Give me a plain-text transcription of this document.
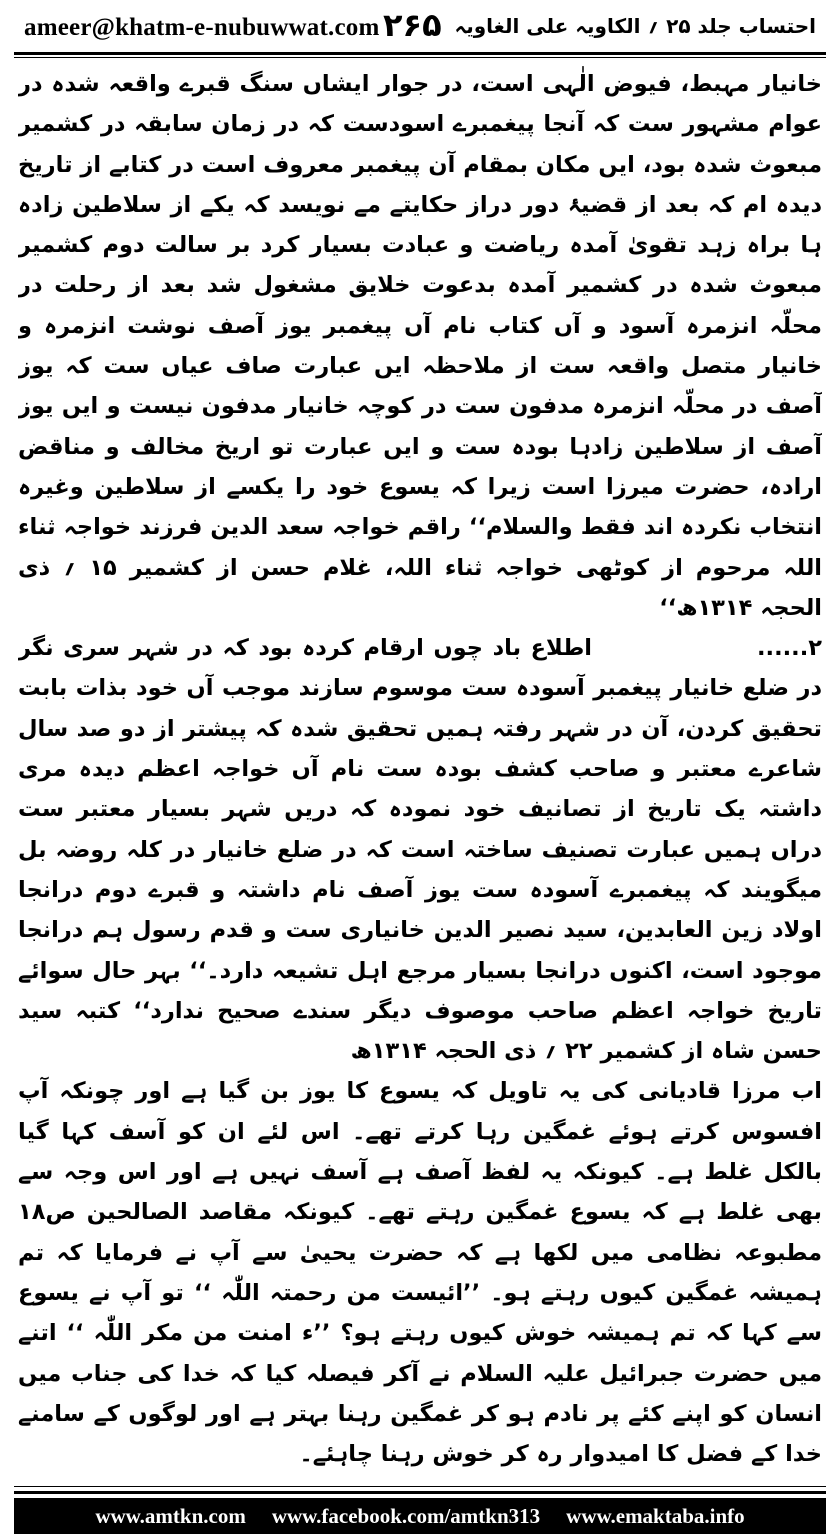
ameer@khatm-e-nubuwwat.com ۲۶۵ احتساب جلد ۲۵ ؍ الکاویہ علی الغاویہ

خانیار مہبط، فیوض الٰہی است، در جوار ایشاں سنگ قبرے واقعہ شدہ در عوام مشہور ست کہ آنجا پیغمبرے اسودست کہ در زمان سابقہ در کشمیر مبعوث شدہ بود، ایں مکان بمقام آن پیغمبر معروف است در کتابے از تاریخ دیدہ ام کہ بعد از قضیۂ دور دراز حکایتے مے نویسد کہ یکے از سلاطین زادہ ہا براہ زہد تقویٰ آمدہ ریاضت و عبادت بسیار کرد بر سالت دوم کشمیر مبعوث شدہ در کشمیر آمدہ بدعوت خلایق مشغول شد بعد از رحلت در محلّہ انزمرہ آسود و آں کتاب نام آں پیغمبر یوز آصف نوشت انزمرہ و خانیار متصل واقعہ ست از ملاحظہ ایں عبارت صاف عیاں ست کہ یوز آصف در محلّہ انزمرہ مدفون ست در کوچہ خانیار مدفون نیست و ایں یوز آصف از سلاطین زادہا بودہ ست و ایں عبارت تو اریخ مخالف و مناقض ارادہ، حضرت میرزا است زیرا کہ یسوع خود را یکسے از سلاطین وغیرہ انتخاب نکردہ اند فقط والسلام‘‘ راقم خواجہ سعد الدین فرزند خواجہ ثناء اللہ مرحوم از کوٹھی خواجہ ثناء اللہ، غلام حسن از کشمیر ۱۵ ؍ ذی الحجہ ۱۳۱۴ھ‘‘

۲......اطلاع باد چوں ارقام کردہ بود کہ در شہر سری نگر در ضلع خانیار پیغمبر آسودہ ست موسوم سازند موجب آں خود بذات بابت تحقیق کردن، آن در شہر رفتہ ہمیں تحقیق شدہ کہ پیشتر از دو صد سال شاعرے معتبر و صاحب کشف بودہ ست نام آں خواجہ اعظم دیدہ مری داشتہ یک تاریخ از تصانیف خود نمودہ کہ دریں شہر بسیار معتبر ست دراں ہمیں عبارت تصنیف ساختہ است کہ در ضلع خانیار در کلہ روضہ بل میگویند کہ پیغمبرے آسودہ ست یوز آصف نام داشتہ و قبرے دوم درانجا اولاد زین العابدین، سید نصیر الدین خانیاری ست و قدم رسول ہم درانجا موجود است، اکنوں درانجا بسیار مرجع اہل تشیعہ دارد۔‘‘ بہر حال سوائے تاریخ خواجہ اعظم صاحب موصوف دیگر سندے صحیح ندارد‘‘ کتبہ سید حسن شاہ از کشمیر ۲۲ ؍ ذی الحجہ ۱۳۱۴ھ

اب مرزا قادیانی کی یہ تاویل کہ یسوع کا یوز بن گیا ہے اور چونکہ آپ افسوس کرتے ہوئے غمگین رہا کرتے تھے۔ اس لئے ان کو آسف کہا گیا بالکل غلط ہے۔ کیونکہ یہ لفظ آصف ہے آسف نہیں ہے اور اس وجہ سے بھی غلط ہے کہ یسوع غمگین رہتے تھے۔ کیونکہ مقاصد الصالحین ص۱۸ مطبوعہ نظامی میں لکھا ہے کہ حضرت یحییٰ سے آپ نے فرمایا کہ تم ہمیشہ غمگین کیوں رہتے ہو۔ ’’ائیست من رحمتہ اللّٰہ ‘‘ تو آپ نے یسوع سے کہا کہ تم ہمیشہ خوش کیوں رہتے ہو؟ ’’ء امنت من مکر اللّٰہ ‘‘ اتنے میں حضرت جبرائیل علیہ السلام نے آکر فیصلہ کیا کہ خدا کی جناب میں انسان کو اپنے کئے پر نادم ہو کر غمگین رہنا بہتر ہے اور لوگوں کے سامنے خدا کے فضل کا امیدوار رہ کر خوش رہنا چاہئے۔

www.amtkn.com www.facebook.com/amtkn313 www.emaktaba.info
